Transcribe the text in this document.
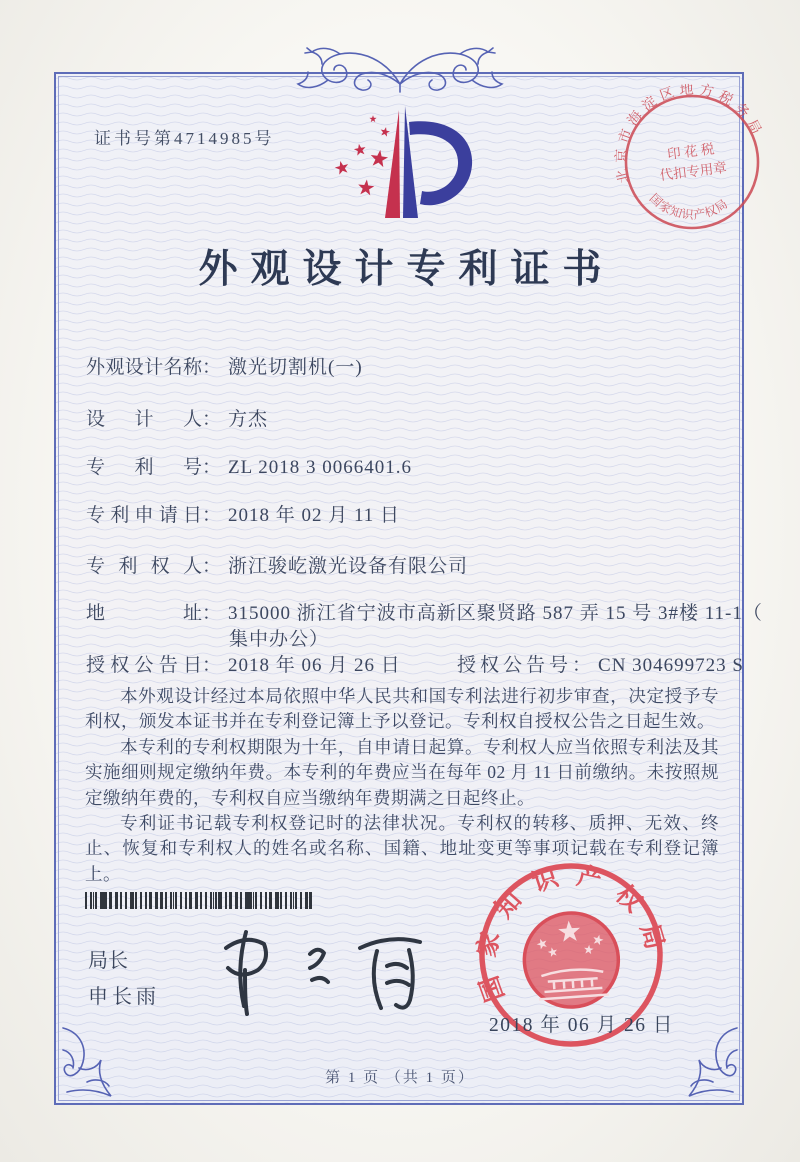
证书号第4714985号
北京市海淀区地方税务局
国家知识产权局
印 花 税
代扣专用章
外观设计专利证书
外观设计名称： 激光切割机(一)
设计人： 方杰
专利号： ZL 2018 3 0066401.6
专利申请日： 2018 年 02 月 11 日
专利权人： 浙江骏屹激光设备有限公司
地址： 315000 浙江省宁波市高新区聚贤路 587 弄 15 号 3#楼 11-1（
集中办公）
授权公告日： 2018 年 06 月 26 日	授权公告号： CN 304699723 S

本外观设计经过本局依照中华人民共和国专利法进行初步审查，决定授予专利权，颁发本证书并在专利登记簿上予以登记。专利权自授权公告之日起生效。

本专利的专利权期限为十年，自申请日起算。专利权人应当依照专利法及其实施细则规定缴纳年费。本专利的年费应当在每年 02 月 11 日前缴纳。未按照规定缴纳年费的，专利权自应当缴纳年费期满之日起终止。

专利证书记载专利权登记时的法律状况。专利权的转移、质押、无效、终止、恢复和专利权人的姓名或名称、国籍、地址变更等事项记载在专利登记簿上。

局长
申长雨	国家知识产权局
2018 年 06 月 26 日
第 1 页 （共 1 页）
